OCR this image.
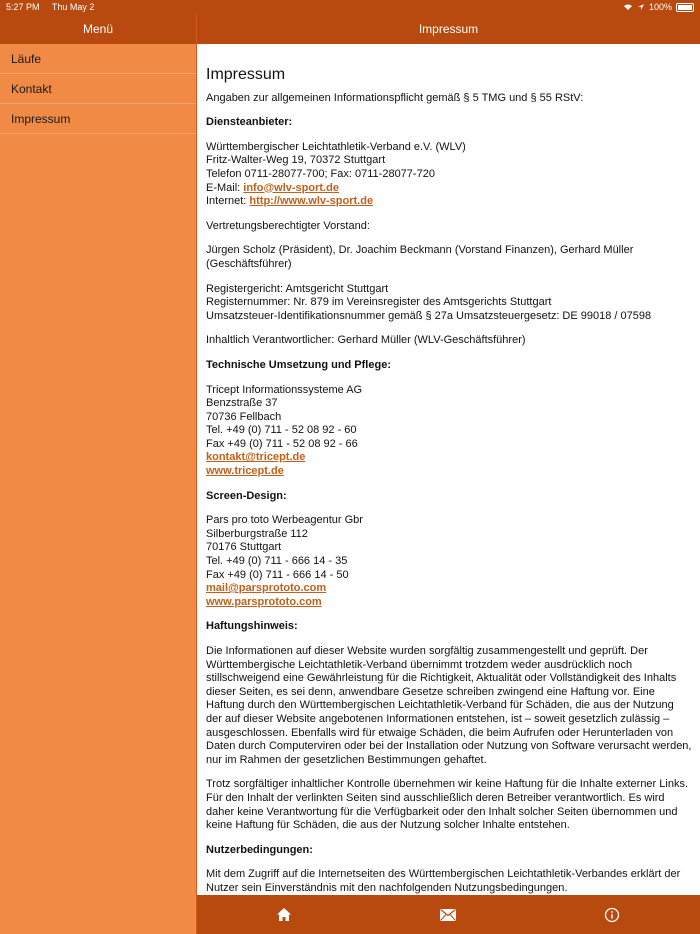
5:27 PM Thu May 2	100%
Menü
Läufe
Kontakt
Impressum
Impressum
Impressum

Angaben zur allgemeinen Informationspflicht gemäß § 5 TMG und § 55 RStV:

Diensteanbieter:

Württembergischer Leichtathletik-Verband e.V. (WLV)
Fritz-Walter-Weg 19, 70372 Stuttgart
Telefon 0711-28077-700; Fax: 0711-28077-720
E-Mail: info@wlv-sport.de
Internet: http://www.wlv-sport.de

Vertretungsberechtigter Vorstand:

Jürgen Scholz (Präsident), Dr. Joachim Beckmann (Vorstand Finanzen), Gerhard Müller (Geschäftsführer)

Registergericht: Amtsgericht Stuttgart
Registernummer: Nr. 879 im Vereinsregister des Amtsgerichts Stuttgart
Umsatzsteuer-Identifikationsnummer gemäß § 27a Umsatzsteuergesetz: DE 99018 / 07598

Inhaltlich Verantwortlicher: Gerhard Müller (WLV-Geschäftsführer)

Technische Umsetzung und Pflege:

Tricept Informationssysteme AG
Benzstraße 37
70736 Fellbach
Tel. +49 (0) 711 - 52 08 92 - 60
Fax +49 (0) 711 - 52 08 92 - 66
kontakt@tricept.de
www.tricept.de

Screen-Design:

Pars pro toto Werbeagentur Gbr
Silberburgstraße 112
70176 Stuttgart
Tel. +49 (0) 711 - 666 14 - 35
Fax +49 (0) 711 - 666 14 - 50
mail@parsprototo.com
www.parsprototo.com

Haftungshinweis:

Die Informationen auf dieser Website wurden sorgfältig zusammengestellt und geprüft. Der Württembergische Leichtathletik-Verband übernimmt trotzdem weder ausdrücklich noch stillschweigend eine Gewährleistung für die Richtigkeit, Aktualität oder Vollständigkeit des Inhalts dieser Seiten, es sei denn, anwendbare Gesetze schreiben zwingend eine Haftung vor. Eine Haftung durch den Württembergischen Leichtathletik-Verband für Schäden, die aus der Nutzung der auf dieser Website angebotenen Informationen entstehen, ist – soweit gesetzlich zulässig – ausgeschlossen. Ebenfalls wird für etwaige Schäden, die beim Aufrufen oder Herunterladen von Daten durch Computerviren oder bei der Installation oder Nutzung von Software verursacht werden, nur im Rahmen der gesetzlichen Bestimmungen gehaftet.

Trotz sorgfältiger inhaltlicher Kontrolle übernehmen wir keine Haftung für die Inhalte externer Links. Für den Inhalt der verlinkten Seiten sind ausschließlich deren Betreiber verantwortlich. Es wird daher keine Verantwortung für die Verfügbarkeit oder den Inhalt solcher Seiten übernommen und keine Haftung für Schäden, die aus der Nutzung solcher Inhalte entstehen.

Nutzerbedingungen:

Mit dem Zugriff auf die Internetseiten des Württembergischen Leichtathletik-Verbandes erklärt der Nutzer sein Einverständnis mit den nachfolgenden Nutzungsbedingungen.
